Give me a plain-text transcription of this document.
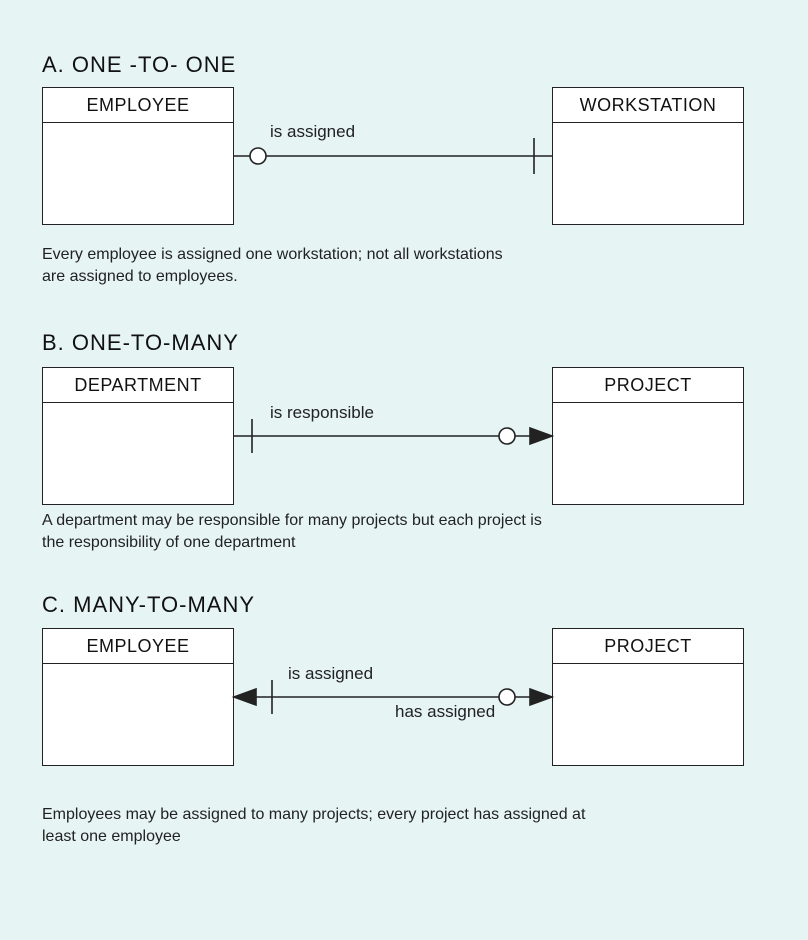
A. ONE -TO- ONE
EMPLOYEE	WORKSTATION
is assigned

Every employee is assigned one workstation; not all workstations
are assigned to employees.

B. ONE-TO-MANY
DEPARTMENT	PROJECT
is responsible

A department may be responsible for many projects but each project is
the responsibility of one department

C. MANY-TO-MANY
EMPLOYEE	PROJECT
is assigned
has assigned

Employees may be assigned to many projects; every project has assigned at
least one employee
